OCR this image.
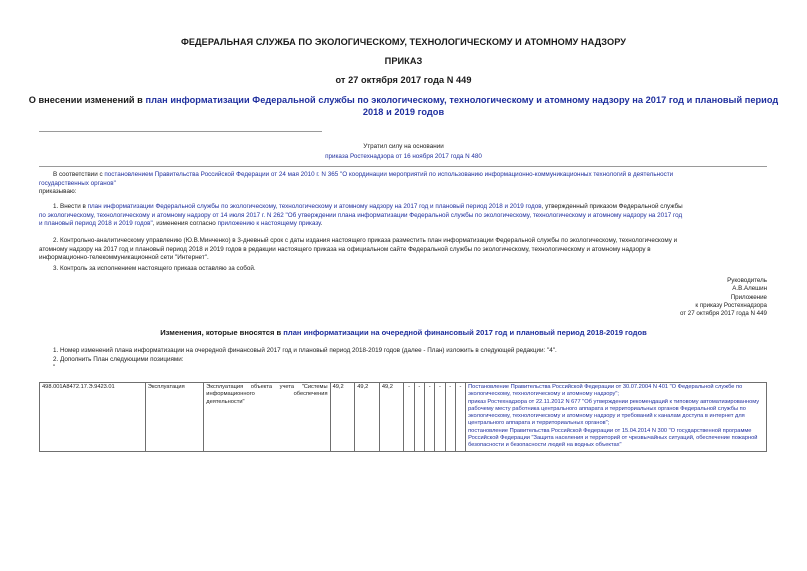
ФЕДЕРАЛЬНАЯ СЛУЖБА ПО ЭКОЛОГИЧЕСКОМУ, ТЕХНОЛОГИЧЕСКОМУ И АТОМНОМУ НАДЗОРУ
ПРИКАЗ
от 27 октября 2017 года N 449
О внесении изменений в план информатизации Федеральной службы по экологическому, технологическому и атомному надзору на 2017 год и плановый период
2018 и 2019 годов
Утратил силу на основании
приказа Ростехнадзора от 16 ноября 2017 года N 480
В соответствии с постановлением Правительства Российской Федерации от 24 мая 2010 г. N 365 "О координации мероприятий по использованию информационно-коммуникационных технологий в деятельности
государственных органов"
приказываю:
1. Внести в план информатизации Федеральной службы по экологическому, технологическому и атомному надзору на 2017 год и плановый период 2018 и 2019 годов, утвержденный приказом Федеральной службы
по экологическому, технологическому и атомному надзору от 14 июля 2017 г. N 262 "Об утверждении плана информатизации Федеральной службы по экологическому, технологическому и атомному надзору на 2017 год
и плановый период 2018 и 2019 годов", изменения согласно приложению к настоящему приказу.
2. Контрольно-аналитическому управлению (Ю.В.Минченко) в 3-дневный срок с даты издания настоящего приказа разместить план информатизации Федеральной службы по экологическому, технологическому и
атомному надзору на 2017 год и плановый период 2018 и 2019 годов в редакции настоящего приказа на официальном сайте Федеральной службы по экологическому, технологическому и атомному надзору в
информационно-телекоммуникационной сети "Интернет".
3. Контроль за исполнением настоящего приказа оставляю за собой.
Руководитель
А.В.Алешин
Приложение
к приказу Ростехнадзора
от 27 октября 2017 года N 449
Изменения, которые вносятся в план информатизации на очередной финансовый 2017 год и плановый период 2018-2019 годов
1. Номер изменений плана информатизации на очередной финансовый 2017 год и плановый период 2018-2019 годов (далее - План) изложить в следующей редакции: "4".
2. Дополнить План следующими позициями:
"
498.001А8472.17.Э.9423.01	Эксплуатация	Эксплуатация объекта учета "Системы информационного обеспечения деятельности"	49,2	49,2	49,2	-	-	-	-	-	-	Постановление Правительства Российской Федерации от 30.07.2004 N 401 "О Федеральной службе по экологическому, технологическому и атомному надзору";
приказ Ростехнадзора от 22.11.2012 N 677 "Об утверждении рекомендаций к типовому автоматизированному рабочему месту работника центрального аппарата и территориальных органов Федеральной службы по экологическому, технологическому и атомному надзору и требований к каналам доступа в интернет для центрального аппарата и территориальных органов";
постановление Правительства Российской Федерации от 15.04.2014 N 300 "О государственной программе Российской Федерации "Защита населения и территорий от чрезвычайных ситуаций, обеспечение пожарной безопасности и безопасности людей на водных объектах"
